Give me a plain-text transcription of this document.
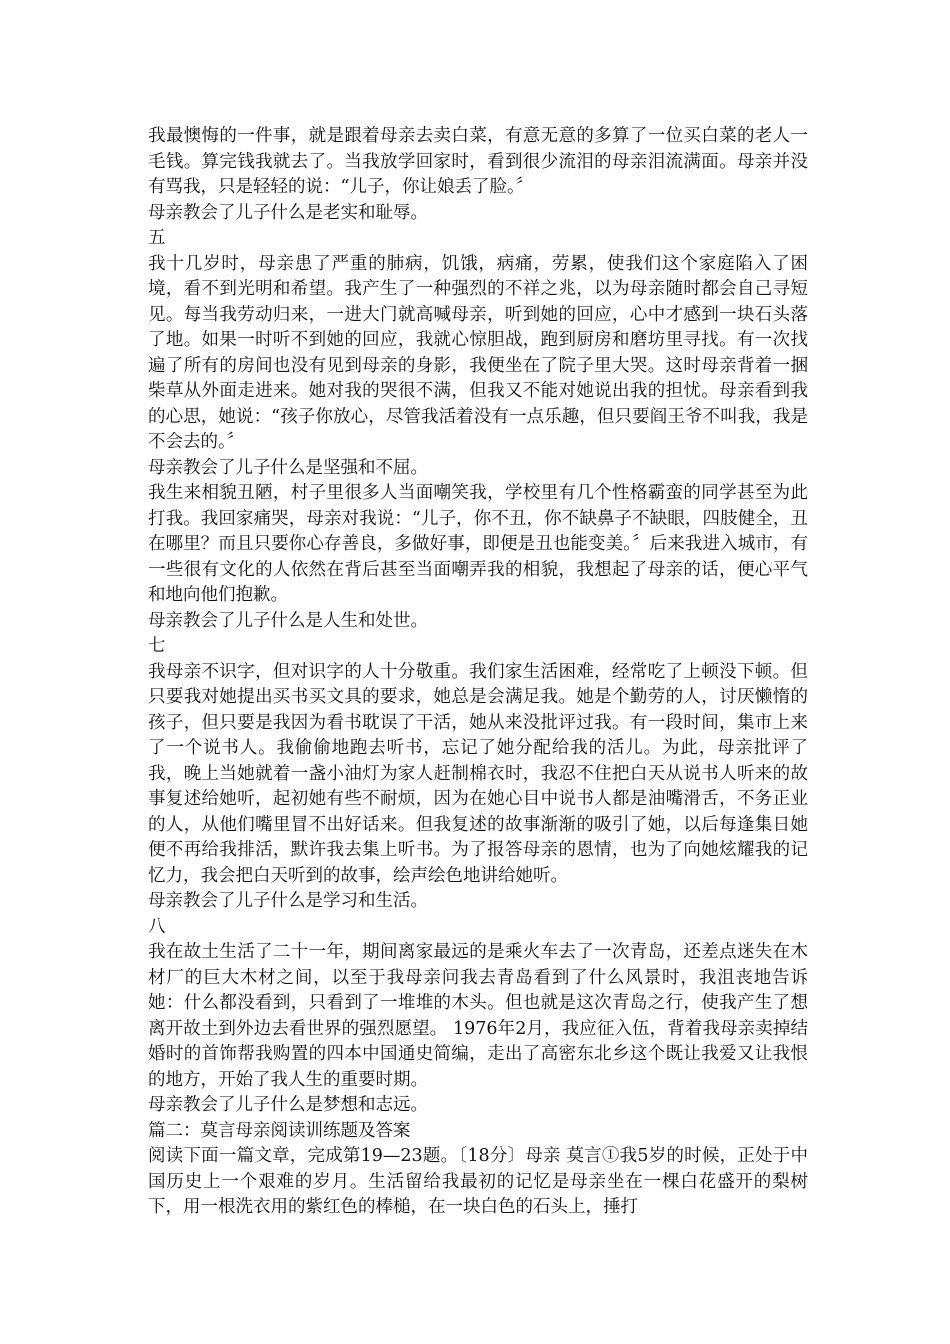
我最懊悔的一件事，就是跟着母亲去卖白菜，有意无意的多算了一位买白菜的老人一毛钱。算完钱我就去了。当我放学回家时，看到很少流泪的母亲泪流满面。母亲并没有骂我，只是轻轻的说：“儿子，你让娘丢了脸。〞

母亲教会了儿子什么是老实和耻辱。

五

我十几岁时，母亲患了严重的肺病，饥饿，病痛，劳累，使我们这个家庭陷入了困境，看不到光明和希望。我产生了一种强烈的不祥之兆，以为母亲随时都会自己寻短见。每当我劳动归来，一进大门就高喊母亲，听到她的回应，心中才感到一块石头落了地。如果一时听不到她的回应，我就心惊胆战，跑到厨房和磨坊里寻找。有一次找遍了所有的房间也没有见到母亲的身影，我便坐在了院子里大哭。这时母亲背着一捆柴草从外面走进来。她对我的哭很不满，但我又不能对她说出我的担忧。母亲看到我的心思，她说：“孩子你放心，尽管我活着没有一点乐趣，但只要阎王爷不叫我，我是不会去的。〞

母亲教会了儿子什么是坚强和不屈。

我生来相貌丑陋，村子里很多人当面嘲笑我，学校里有几个性格霸蛮的同学甚至为此打我。我回家痛哭，母亲对我说：“儿子，你不丑，你不缺鼻子不缺眼，四肢健全，丑在哪里？而且只要你心存善良，多做好事，即便是丑也能变美。〞后来我进入城市，有一些很有文化的人依然在背后甚至当面嘲弄我的相貌，我想起了母亲的话，便心平气和地向他们抱歉。

母亲教会了儿子什么是人生和处世。

七

我母亲不识字，但对识字的人十分敬重。我们家生活困难，经常吃了上顿没下顿。但只要我对她提出买书买文具的要求，她总是会满足我。她是个勤劳的人，讨厌懒惰的孩子，但只要是我因为看书耽误了干活，她从来没批评过我。有一段时间，集市上来了一个说书人。我偷偷地跑去听书，忘记了她分配给我的活儿。为此，母亲批评了我，晚上当她就着一盏小油灯为家人赶制棉衣时，我忍不住把白天从说书人听来的故事复述给她听，起初她有些不耐烦，因为在她心目中说书人都是油嘴滑舌，不务正业的人，从他们嘴里冒不出好话来。但我复述的故事渐渐的吸引了她，以后每逢集日她便不再给我排活，默许我去集上听书。为了报答母亲的恩情，也为了向她炫耀我的记忆力，我会把白天听到的故事，绘声绘色地讲给她听。

母亲教会了儿子什么是学习和生活。

八

我在故土生活了二十一年，期间离家最远的是乘火车去了一次青岛，还差点迷失在木材厂的巨大木材之间，以至于我母亲问我去青岛看到了什么风景时，我沮丧地告诉她：什么都没看到，只看到了一堆堆的木头。但也就是这次青岛之行，使我产生了想离开故土到外边去看世界的强烈愿望。 1976年2月，我应征入伍，背着我母亲卖掉结婚时的首饰帮我购置的四本中国通史简编，走出了高密东北乡这个既让我爱又让我恨的地方，开始了我人生的重要时期。

母亲教会了儿子什么是梦想和志远。

篇二：莫言母亲阅读训练题及答案

阅读下面一篇文章，完成第19—23题。〔18分〕母亲 莫言①我5岁的时候，正处于中国历史上一个艰难的岁月。生活留给我最初的记忆是母亲坐在一棵白花盛开的梨树下，用一根洗衣用的紫红色的棒槌，在一块白色的石头上，捶打
